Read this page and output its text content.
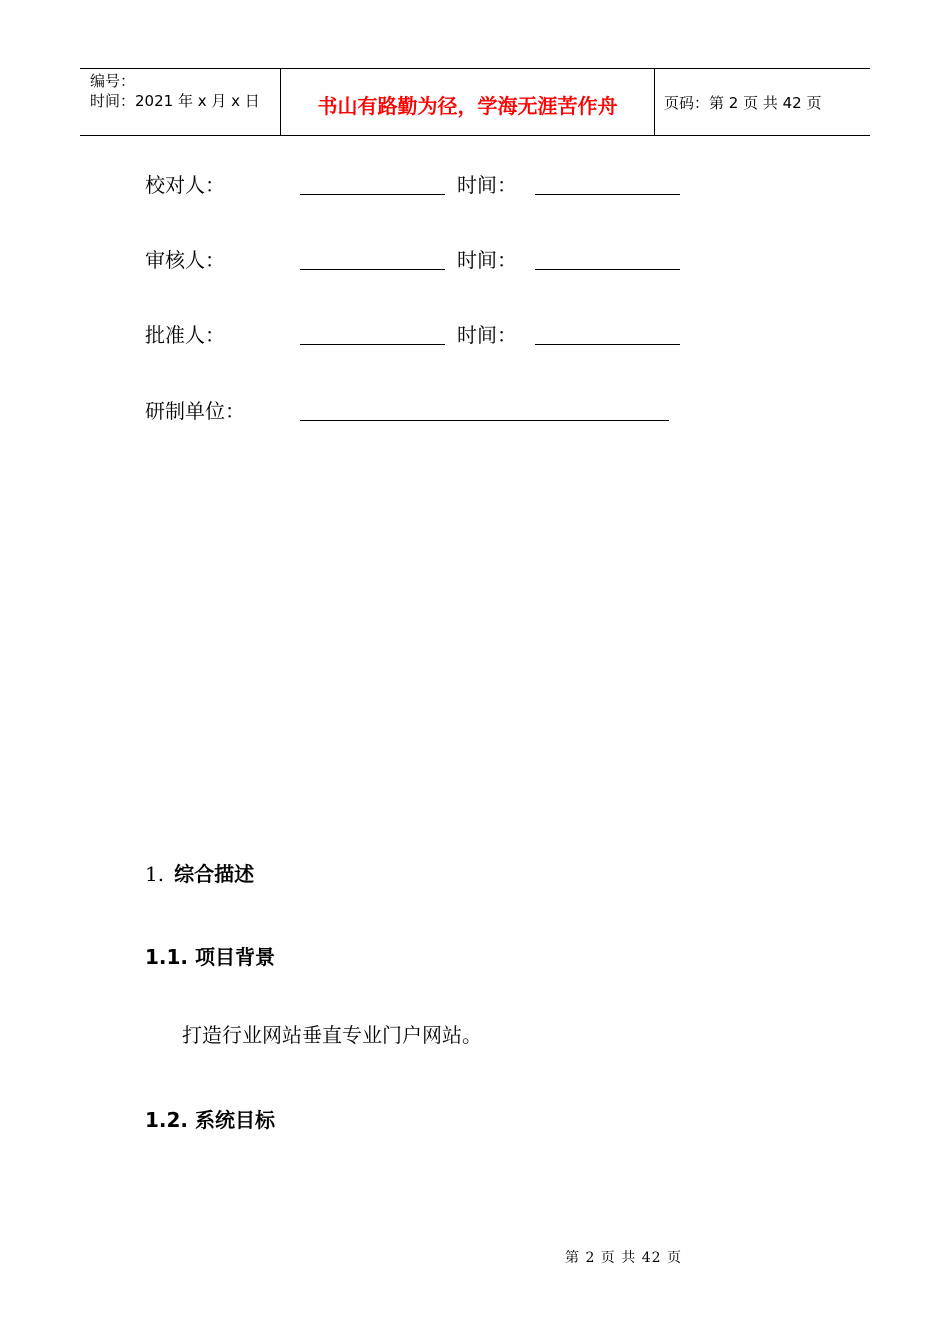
编号：
时间：2021 年 x 月 x 日	书山有路勤为径，学海无涯苦作舟	页码：第 2 页 共 42 页
校对人：	时间：
审核人：	时间：
批准人：	时间：
研制单位：
1. 综合描述
1.1. 项目背景
打造行业网站垂直专业门户网站。
1.2. 系统目标
第 2 页 共 42 页
